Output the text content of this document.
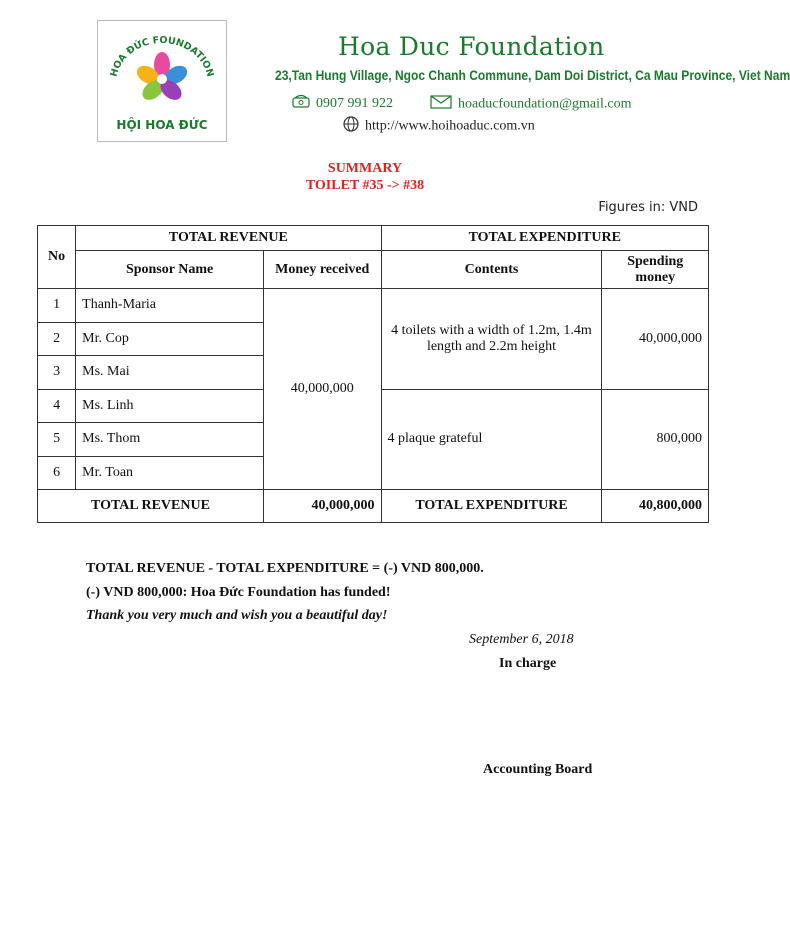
HOA ĐỨC FOUNDATION
HỘI HOA ĐỨC
Hoa Duc Foundation
23,Tan Hung Village, Ngoc Chanh Commune, Dam Doi District, Ca Mau Province, Viet Nam
0907 991 922	hoaducfoundation@gmail.com
http://www.hoihoaduc.com.vn
SUMMARY
TOILET #35 -> #38
Figures in: VND
No	TOTAL REVENUE		TOTAL EXPENDITURE	
	Sponsor Name	Money received	Contents	Spending money
1	Thanh-Maria	40,000,000	4 toilets with a width of 1.2m, 1.4m length and 2.2m height	40,000,000
2	Mr. Cop			
3	Ms. Mai			
4	Ms. Linh		4 plaque grateful	800,000
5	Ms. Thom			
6	Mr. Toan			
TOTAL REVENUE		40,000,000	TOTAL EXPENDITURE	40,800,000
TOTAL REVENUE - TOTAL EXPENDITURE = (-) VND 800,000.
(-) VND 800,000: Hoa Đức Foundation has funded!
Thank you very much and wish you a beautiful day!
September 6, 2018
In charge
Accounting Board
